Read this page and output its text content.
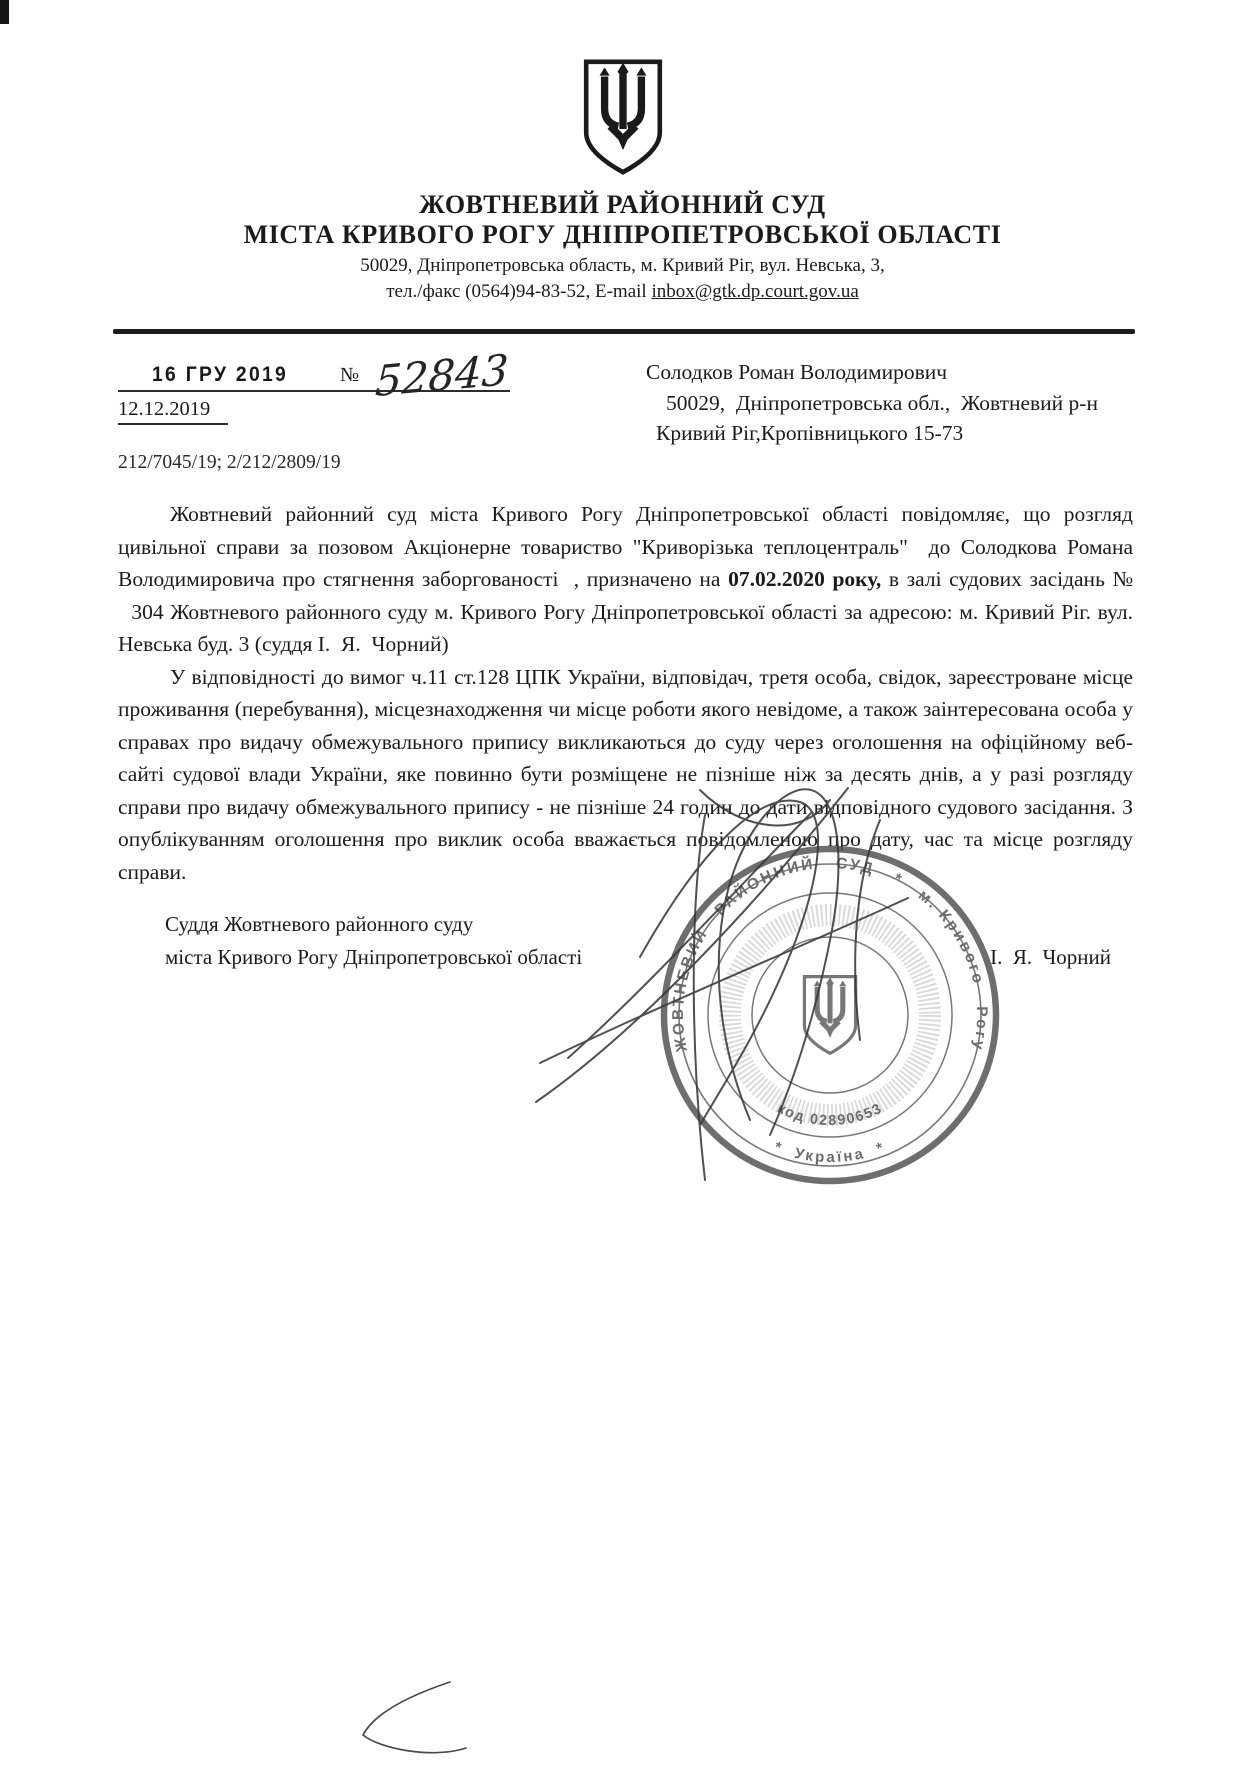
ЖОВТНЕВИЙ РАЙОННИЙ СУД
МІСТА КРИВОГО РОГУ ДНІПРОПЕТРОВСЬКОЇ ОБЛАСТІ
50029, Дніпропетровська область, м. Кривий Ріг, вул. Невська, 3,
тел./факс (0564)94-83-52, E-mail inbox@gtk.dp.court.gov.ua
16 ГРУ 2019	№ 52843
12.12.2019
212/7045/19; 2/212/2809/19
Солодков Роман Володимирович
50029,  Дніпропетровська обл.,  Жовтневий р-н
Кривий Ріг,Кропівницького 15-73

Жовтневий районний суд міста Кривого Рогу Дніпропетровської області повідомляє, що розгляд цивільної справи за позовом Акціонерне товариство "Криворізька теплоцентраль"  до Солодкова Романа Володимировича про стягнення заборгованості  , призначено на 07.02.2020 року, в залі судових засідань №   304 Жовтневого районного суду м. Кривого Рогу Дніпропетровської області за адресою: м. Кривий Ріг. вул. Невська буд. 3 (суддя І.  Я.  Чорний)

У відповідності до вимог ч.11 ст.128 ЦПК України, відповідач, третя особа, свідок, зареєстроване місце проживання (перебування), місцезнаходження чи місце роботи якого невідоме, а також заінтересована особа у справах про видачу обмежувального припису викликаються до суду через оголошення на офіційному веб-сайті судової влади України, яке повинно бути розміщене не пізніше ніж за десять днів, а у разі розгляду справи про видачу обмежувального припису - не пізніше 24 годин до дати відповідного судового засідання. З опублікуванням оголошення про виклик особа вважається повідомленою про дату, час та місце розгляду справи.

Суддя Жовтневого районного суду
міста Кривого Рогу Дніпропетровської області	І.  Я.  Чорний
ЖОВТНЕВИЙ   РАЙОННИЙ   СУД   *   м. Кривого   Рогу
*  Україна  *
код 02890653
